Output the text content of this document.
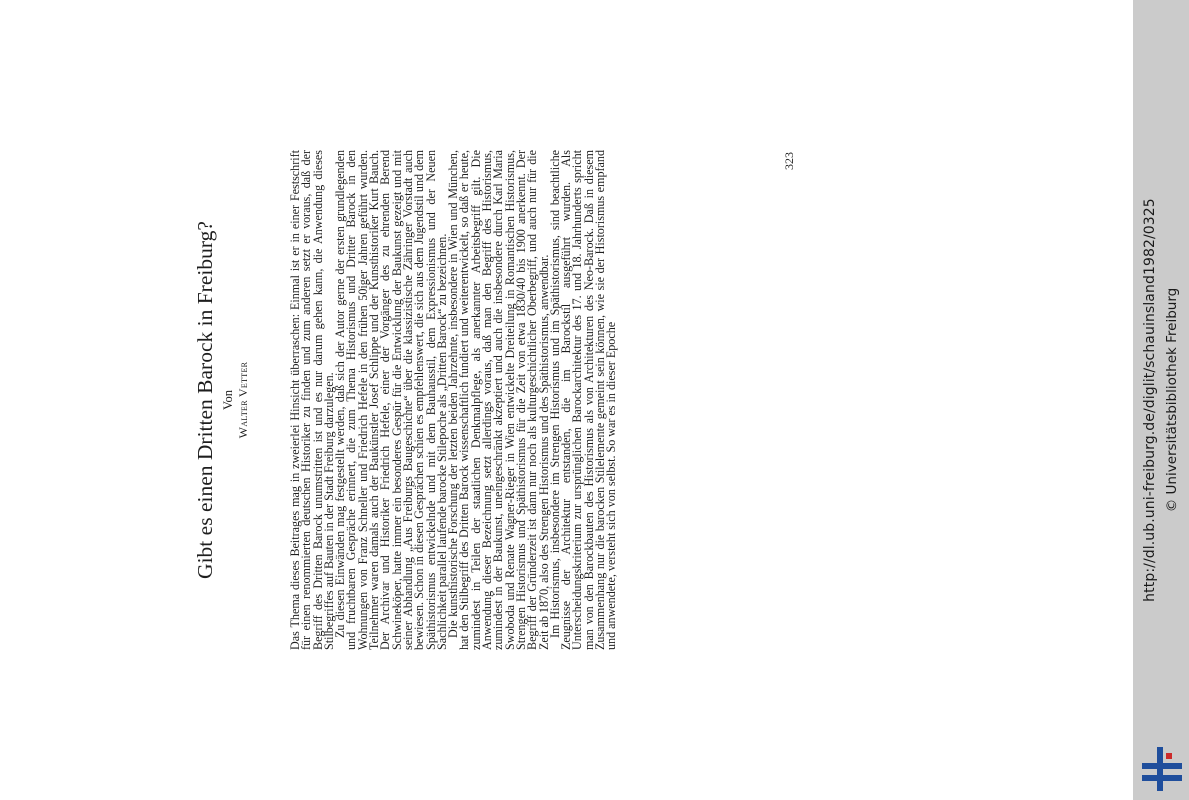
Gibt es einen Dritten Barock in Freiburg? Von Walter Vetter	Das Thema dieses Beitrages mag in zweierlei Hinsicht überraschen: Einmal ist er in einer Festschrift für einen renommierten deutschen Historiker zu finden und zum anderen setzt er voraus, daß der Begriff des Dritten Barock unumstritten ist und es nur darum gehen kann, die Anwendung dieses Stilbegriffes auf Bauten in der Stadt Freiburg darzulegen.

Zu diesen Einwänden mag festgestellt werden, daß sich der Autor gerne der ersten grundlegenden und fruchtbaren Gespräche erinnert, die zum Thema Historismus und Dritter Barock in den Wohnungen von Franz Schneller und Friedrich Hefele in den frühen 50iger Jahren geführt wurden. Teilnehmer waren damals auch der Baukünstler Josef Schlippe und der Kunsthistoriker Kurt Bauch. Der Archivar und Historiker Friedrich Hefele, einer der Vorgänger des zu ehrenden Berend Schwineköper, hatte immer ein besonderes Gespür für die Entwicklung der Baukunst gezeigt und mit seiner Abhandlung „Aus Freiburgs Baugeschichte“ über die klassizistische Zähringer Vorstadt auch bewiesen. Schon in diesen Gesprächen schien es empfehlenswert, die sich aus dem Jugendstil und dem Späthistorismus entwickelnde und mit dem Bauhausstil, dem Expressionismus und der Neuen Sachlichkeit parallel laufende barocke Stilepoche als „Dritten Barock“ zu bezeichnen.

Die kunsthistorische Forschung der letzten beiden Jahrzehnte, insbesondere in Wien und München, hat den Stilbegriff des Dritten Barock wissenschaftlich fundiert und weiterentwickelt, so daß er heute, zumindest in Teilen der staatlichen Denkmalpflege, als anerkannter Arbeitsbegriff gilt. Die Anwendung dieser Bezeichnung setzt allerdings voraus, daß man den Begriff des Historismus, zumindest in der Baukunst, uneingeschränkt akzeptiert und auch die insbesondere durch Karl Maria Swoboda und Renate Wagner-Rieger in Wien entwickelte Dreiteilung in Romantischen Historismus, Strengen Historismus und Späthistorismus für die Zeit von etwa 1830/40 bis 1900 anerkennt. Der Begriff der Gründerzeit ist dann nur noch als kulturgeschichtlicher Oberbegriff, und auch nur für die Zeit ab 1870, also des Strengen Historismus und des Späthistorismus, anwendbar.

Im Historismus, insbesondere im Strengen Historismus und im Späthistorismus, sind beachtliche Zeugnisse der Architektur entstanden, die im Barockstil ausgeführt wurden. Als Unterscheidungskriterium zur ursprünglichen Barockarchitektur des 17. und 18. Jahrhunderts spricht man von den Barockbauten des Historismus als von Architekturen des Neo-Barock. Daß in diesem Zusammenhang nur die barocken Stilelemente gemeint sein können, wie sie der Historismus empfand und anwendete, versteht sich von selbst. So war es in dieser Epoche

323
http://dl.ub.uni-freiburg.de/diglit/schauinsland1982/0325 © Universitätsbibliothek Freiburg
